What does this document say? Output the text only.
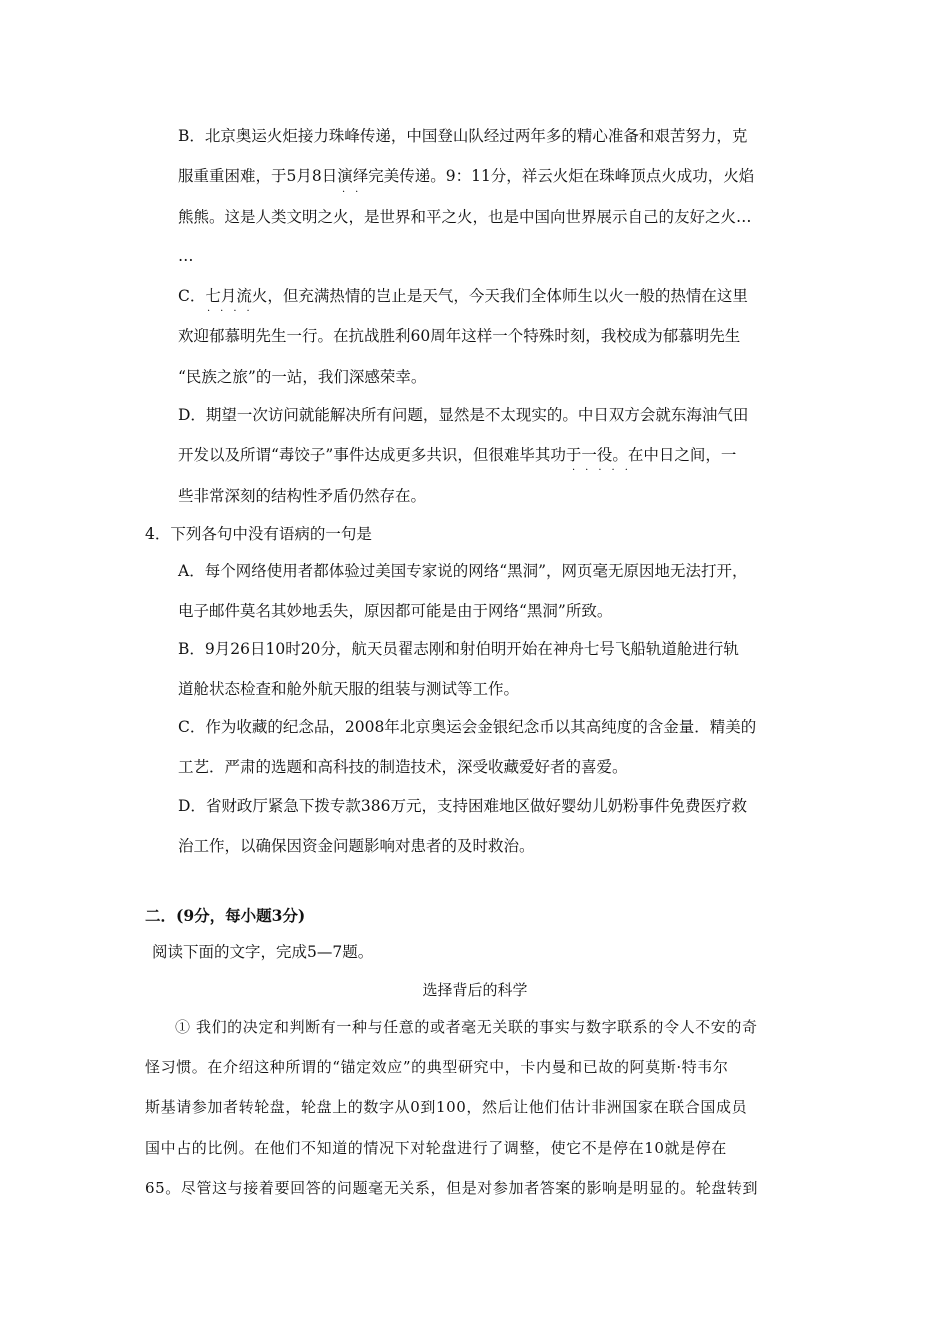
B．北京奥运火炬接力珠峰传递，中国登山队经过两年多的精心准备和艰苦努力，克
服重重困难，于5月8日演绎完美传递。9：11分，祥云火炬在珠峰顶点火成功，火焰
··
熊熊。这是人类文明之火，是世界和平之火，也是中国向世界展示自己的友好之火…
…
C．七月流火，但充满热情的岂止是天气，今天我们全体师生以火一般的热情在这里
····
欢迎郁慕明先生一行。在抗战胜利60周年这样一个特殊时刻，我校成为郁慕明先生
“民族之旅”的一站，我们深感荣幸。
D．期望一次访问就能解决所有问题，显然是不太现实的。中日双方会就东海油气田
开发以及所谓“毒饺子”事件达成更多共识，但很难毕其功于一役。在中日之间，一
·····
些非常深刻的结构性矛盾仍然存在。
4．下列各句中没有语病的一句是
A．每个网络使用者都体验过美国专家说的网络“黑洞”，网页毫无原因地无法打开，
电子邮件莫名其妙地丢失，原因都可能是由于网络“黑洞”所致。
B．9月26日10时20分，航天员翟志刚和射伯明开始在神舟七号飞船轨道舱进行轨
道舱状态检查和舱外航天服的组装与测试等工作。
C．作为收藏的纪念品，2008年北京奥运会金银纪念币以其高纯度的含金量．精美的
工艺．严肃的选题和高科技的制造技术，深受收藏爱好者的喜爱。
D．省财政厅紧急下拨专款386万元，支持困难地区做好婴幼儿奶粉事件免费医疗救
治工作，以确保因资金问题影响对患者的及时救治。
二．(9分，每小题3分)
阅读下面的文字，完成5—7题。
选择背后的科学
① 我们的决定和判断有一种与任意的或者毫无关联的事实与数字联系的令人不安的奇
怪习惯。在介绍这种所谓的“锚定效应”的典型研究中，卡内曼和已故的阿莫斯·特韦尔
斯基请参加者转轮盘，轮盘上的数字从0到100，然后让他们估计非洲国家在联合国成员
国中占的比例。在他们不知道的情况下对轮盘进行了调整，使它不是停在10就是停在
65。尽管这与接着要回答的问题毫无关系，但是对参加者答案的影响是明显的。轮盘转到
